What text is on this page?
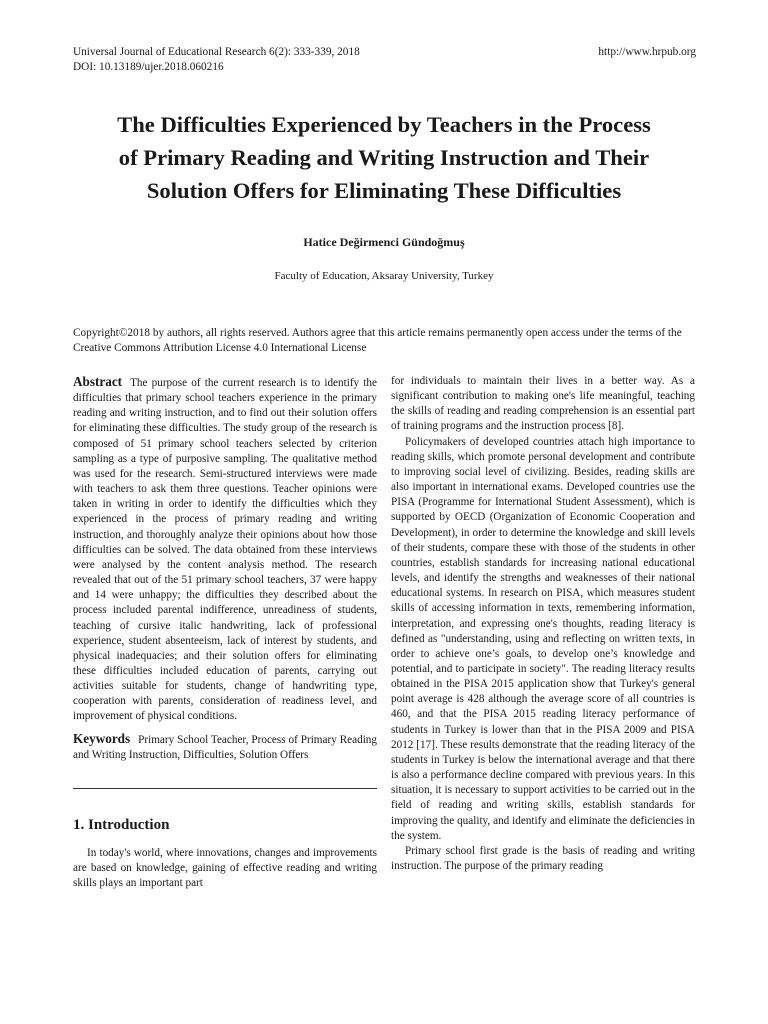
Universal Journal of Educational Research 6(2): 333-339, 2018
DOI: 10.13189/ujer.2018.060216
http://www.hrpub.org
The Difficulties Experienced by Teachers in the Process
of Primary Reading and Writing Instruction and Their
Solution Offers for Eliminating These Difficulties
Hatice Değirmenci Gündoğmuş
Faculty of Education, Aksaray University, Turkey
Copyright©2018 by authors, all rights reserved. Authors agree that this article remains permanently open access under the terms of the Creative Commons Attribution License 4.0 International License

Abstract The purpose of the current research is to identify the difficulties that primary school teachers experience in the primary reading and writing instruction, and to find out their solution offers for eliminating these difficulties. The study group of the research is composed of 51 primary school teachers selected by criterion sampling as a type of purposive sampling. The qualitative method was used for the research. Semi-structured interviews were made with teachers to ask them three questions. Teacher opinions were taken in writing in order to identify the difficulties which they experienced in the process of primary reading and writing instruction, and thoroughly analyze their opinions about how those difficulties can be solved. The data obtained from these interviews were analysed by the content analysis method. The research revealed that out of the 51 primary school teachers, 37 were happy and 14 were unhappy; the difficulties they described about the process included parental indifference, unreadiness of students, teaching of cursive italic handwriting, lack of professional experience, student absenteeism, lack of interest by students, and physical inadequacies; and their solution offers for eliminating these difficulties included education of parents, carrying out activities suitable for students, change of handwriting type, cooperation with parents, consideration of readiness level, and improvement of physical conditions.

Keywords Primary School Teacher, Process of Primary Reading and Writing Instruction, Difficulties, Solution Offers

1. Introduction

In today's world, where innovations, changes and improvements are based on knowledge, gaining of effective reading and writing skills plays an important part

for individuals to maintain their lives in a better way. As a significant contribution to making one's life meaningful, teaching the skills of reading and reading comprehension is an essential part of training programs and the instruction process [8].

Policymakers of developed countries attach high importance to reading skills, which promote personal development and contribute to improving social level of civilizing. Besides, reading skills are also important in international exams. Developed countries use the PISA (Programme for International Student Assessment), which is supported by OECD (Organization of Economic Cooperation and Development), in order to determine the knowledge and skill levels of their students, compare these with those of the students in other countries, establish standards for increasing national educational levels, and identify the strengths and weaknesses of their national educational systems. In research on PISA, which measures student skills of accessing information in texts, remembering information, interpretation, and expressing one's thoughts, reading literacy is defined as "understanding, using and reflecting on written texts, in order to achieve one’s goals, to develop one’s knowledge and potential, and to participate in society". The reading literacy results obtained in the PISA 2015 application show that Turkey's general point average is 428 although the average score of all countries is 460, and that the PISA 2015 reading literacy performance of students in Turkey is lower than that in the PISA 2009 and PISA 2012 [17]. These results demonstrate that the reading literacy of the students in Turkey is below the international average and that there is also a performance decline compared with previous years. In this situation, it is necessary to support activities to be carried out in the field of reading and writing skills, establish standards for improving the quality, and identify and eliminate the deficiencies in the system.

Primary school first grade is the basis of reading and writing instruction. The purpose of the primary reading
